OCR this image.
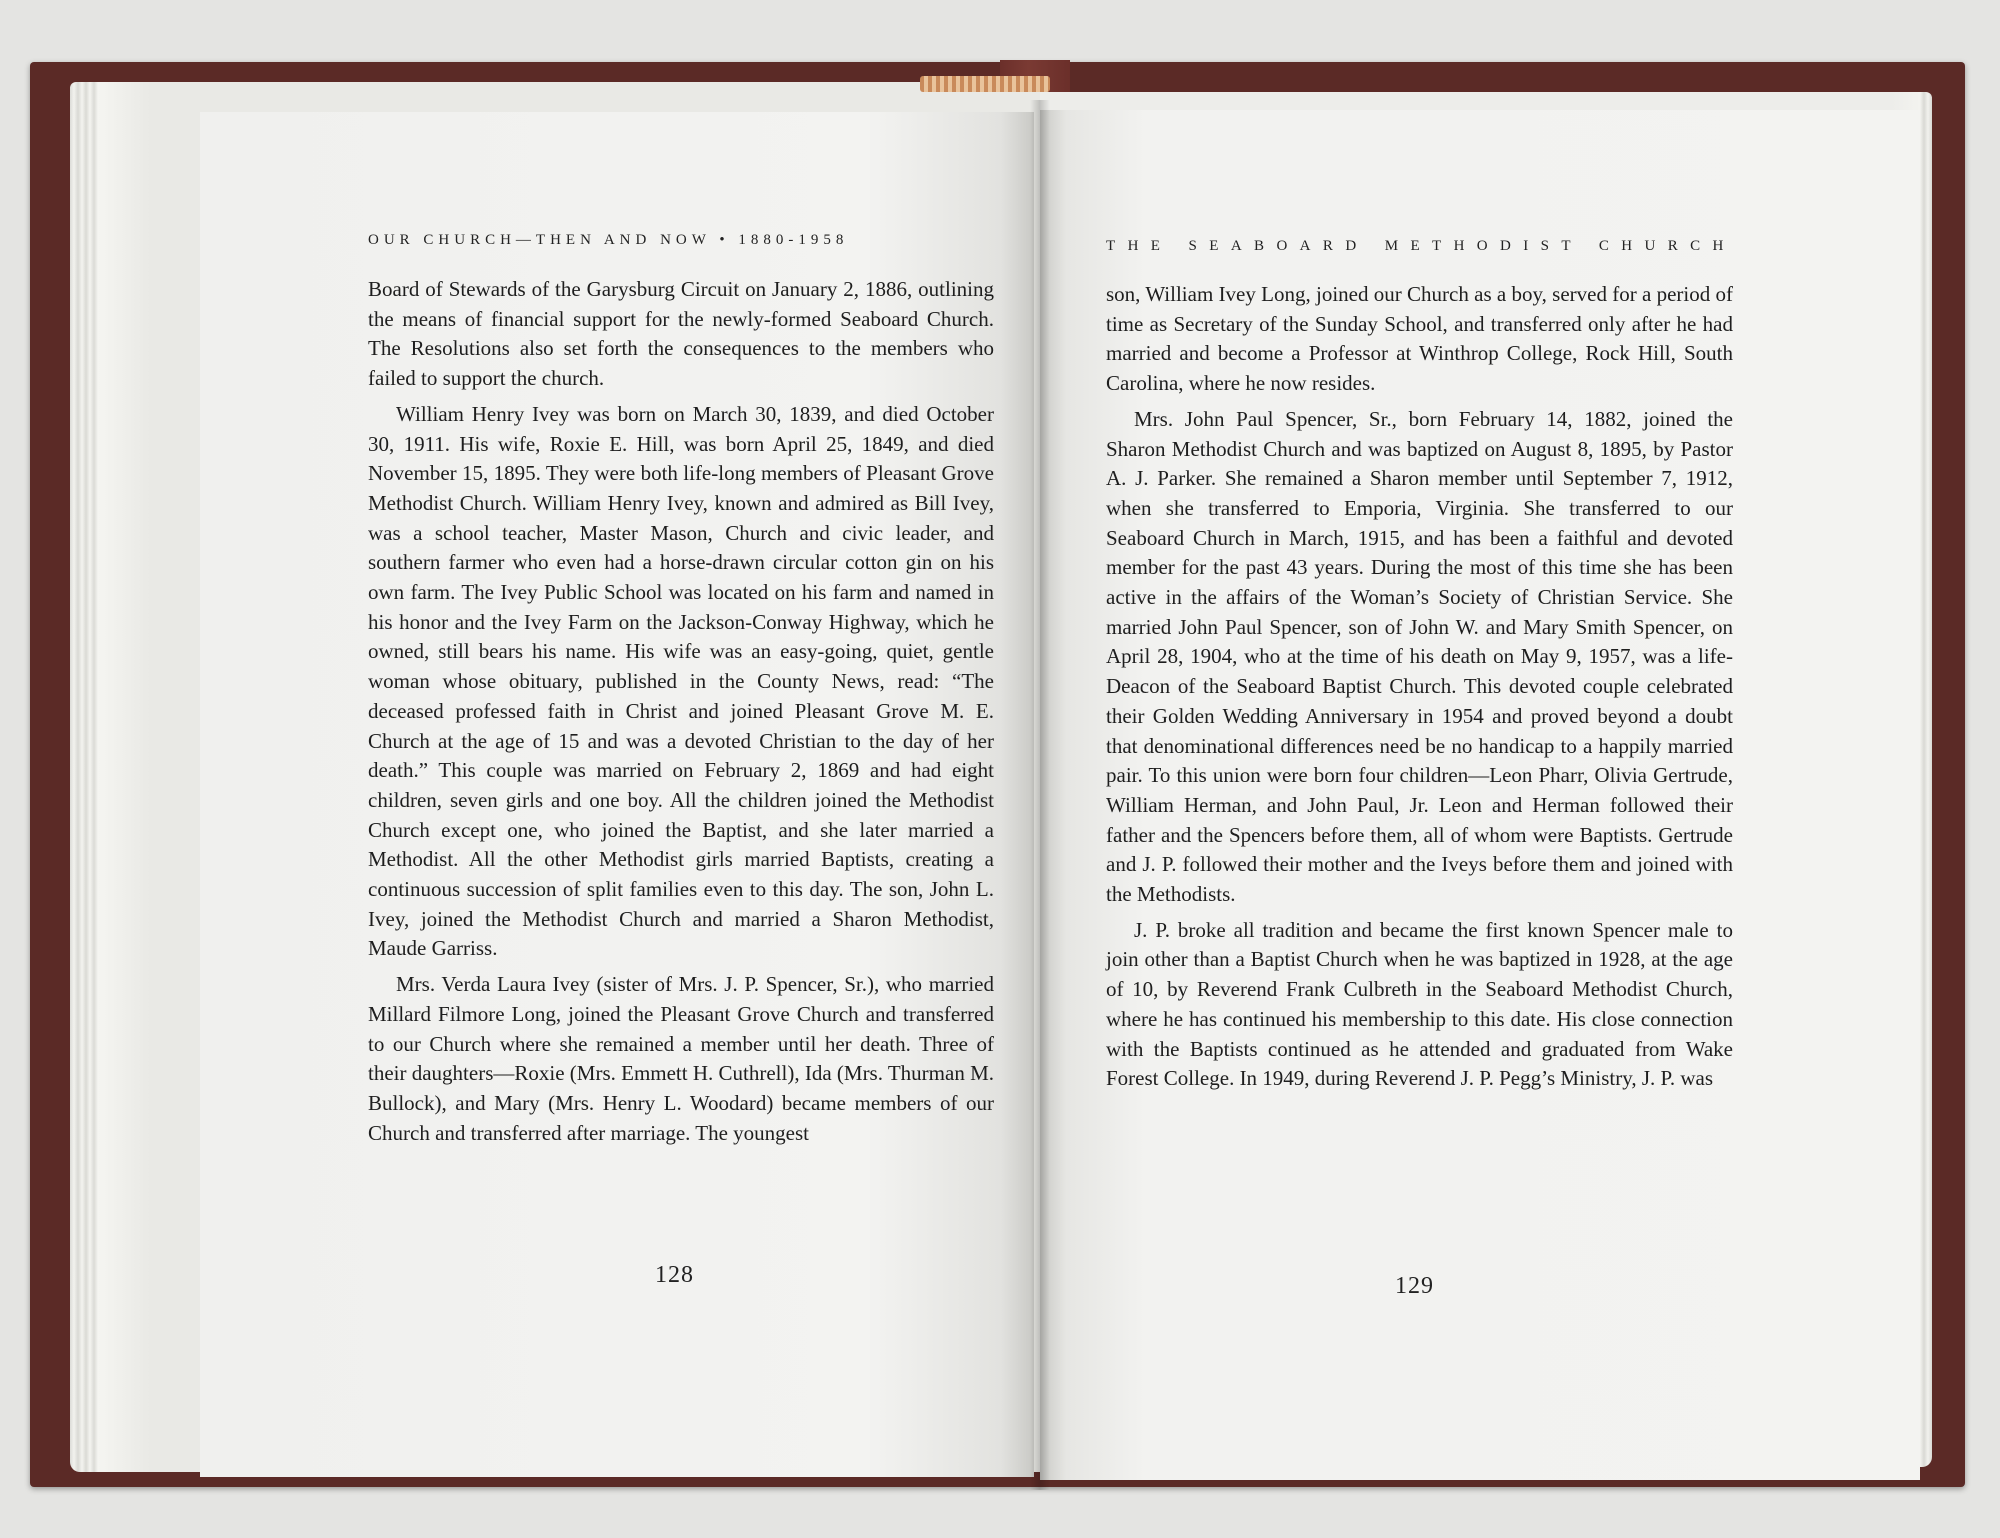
OUR CHURCH—THEN AND NOW • 1880-1958

Board of Stewards of the Garysburg Circuit on January 2, 1886, outlining the means of financial support for the newly-formed Seaboard Church. The Resolutions also set forth the consequences to the members who failed to support the church.

William Henry Ivey was born on March 30, 1839, and died October 30, 1911. His wife, Roxie E. Hill, was born April 25, 1849, and died November 15, 1895. They were both life-long members of Pleasant Grove Methodist Church. William Henry Ivey, known and admired as Bill Ivey, was a school teacher, Master Mason, Church and civic leader, and southern farmer who even had a horse-drawn circular cotton gin on his own farm. The Ivey Public School was located on his farm and named in his honor and the Ivey Farm on the Jackson-Conway Highway, which he owned, still bears his name. His wife was an easy-going, quiet, gentle woman whose obituary, published in the County News, read: “The deceased professed faith in Christ and joined Pleasant Grove M. E. Church at the age of 15 and was a devoted Christian to the day of her death.” This couple was married on February 2, 1869 and had eight children, seven girls and one boy. All the children joined the Methodist Church except one, who joined the Baptist, and she later married a Methodist. All the other Methodist girls married Baptists, creating a continuous succession of split families even to this day. The son, John L. Ivey, joined the Methodist Church and married a Sharon Methodist, Maude Garriss.

Mrs. Verda Laura Ivey (sister of Mrs. J. P. Spencer, Sr.), who married Millard Filmore Long, joined the Pleasant Grove Church and transferred to our Church where she remained a member until her death. Three of their daughters—Roxie (Mrs. Emmett H. Cuthrell), Ida (Mrs. Thurman M. Bullock), and Mary (Mrs. Henry L. Woodard) became members of our Church and transferred after marriage. The youngest

128
THE SEABOARD METHODIST CHURCH

son, William Ivey Long, joined our Church as a boy, served for a period of time as Secretary of the Sunday School, and transferred only after he had married and become a Professor at Winthrop College, Rock Hill, South Carolina, where he now resides.

Mrs. John Paul Spencer, Sr., born February 14, 1882, joined the Sharon Methodist Church and was baptized on August 8, 1895, by Pastor A. J. Parker. She remained a Sharon member until September 7, 1912, when she transferred to Emporia, Virginia. She transferred to our Seaboard Church in March, 1915, and has been a faithful and devoted member for the past 43 years. During the most of this time she has been active in the affairs of the Woman’s Society of Christian Service. She married John Paul Spencer, son of John W. and Mary Smith Spencer, on April 28, 1904, who at the time of his death on May 9, 1957, was a life-Deacon of the Seaboard Baptist Church. This devoted couple celebrated their Golden Wedding Anniversary in 1954 and proved beyond a doubt that denominational differences need be no handicap to a happily married pair. To this union were born four children—Leon Pharr, Olivia Gertrude, William Herman, and John Paul, Jr. Leon and Herman followed their father and the Spencers before them, all of whom were Baptists. Gertrude and J. P. followed their mother and the Iveys before them and joined with the Methodists.

J. P. broke all tradition and became the first known Spencer male to join other than a Baptist Church when he was baptized in 1928, at the age of 10, by Reverend Frank Culbreth in the Seaboard Methodist Church, where he has continued his membership to this date. His close connection with the Baptists continued as he attended and graduated from Wake Forest College. In 1949, during Reverend J. P. Pegg’s Ministry, J. P. was

129
